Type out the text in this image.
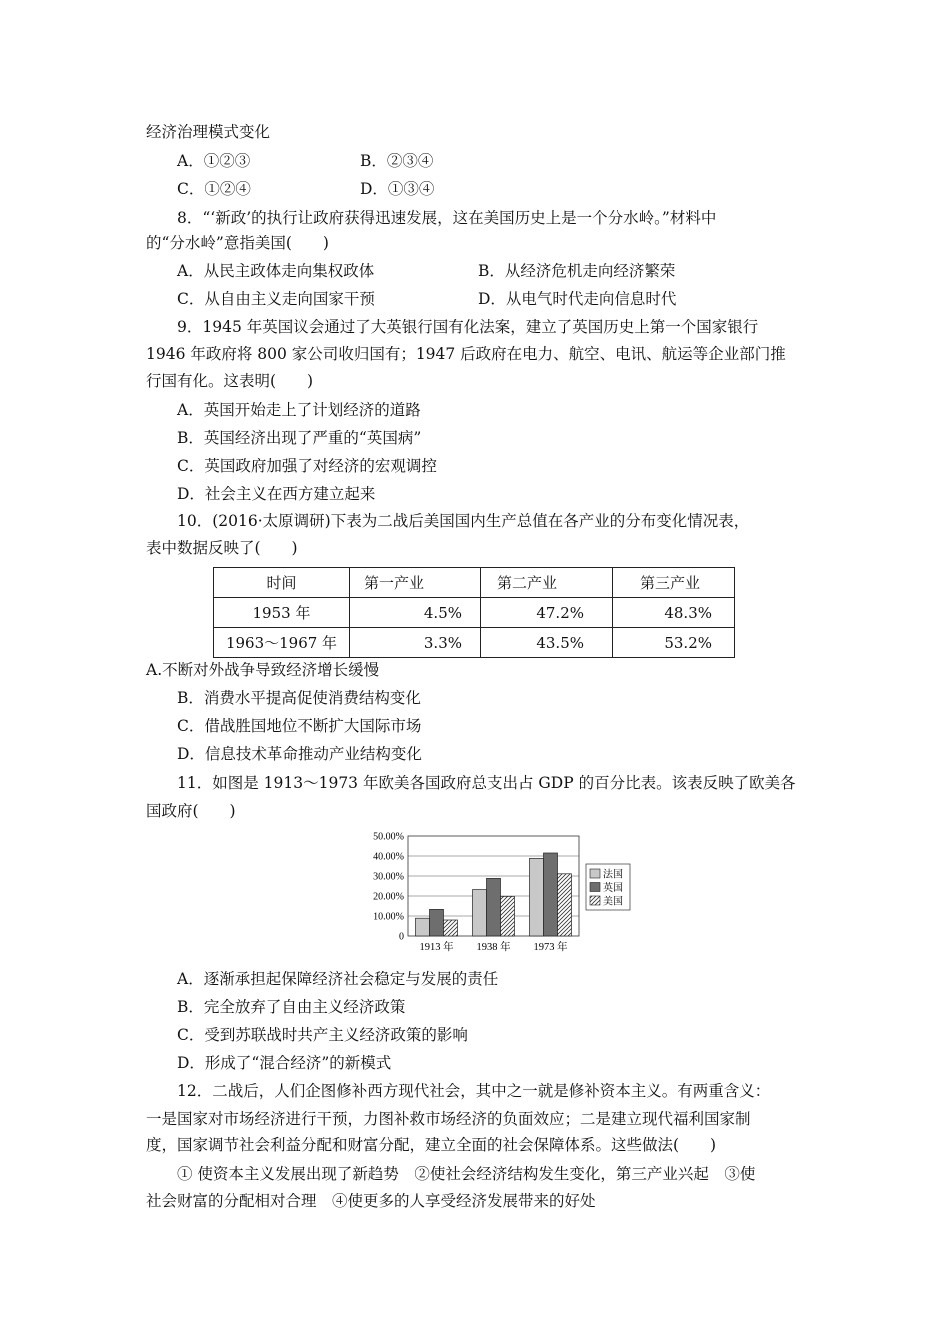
经济治理模式变化
A．①②③	B．②③④
C．①②④	D．①③④
8．“‘新政’的执行让政府获得迅速发展，这在美国历史上是一个分水岭。”材料中
的“分水岭”意指美国(　　)
A．从民主政体走向集权政体	B．从经济危机走向经济繁荣
C．从自由主义走向国家干预	D．从电气时代走向信息时代
9．1945 年英国议会通过了大英银行国有化法案，建立了英国历史上第一个国家银行
1946 年政府将 800 家公司收归国有；1947 后政府在电力、航空、电讯、航运等企业部门推
行国有化。这表明(　　)
A．英国开始走上了计划经济的道路
B．英国经济出现了严重的“英国病”
C．英国政府加强了对经济的宏观调控
D．社会主义在西方建立起来
10．(2016·太原调研)下表为二战后美国国内生产总值在各产业的分布变化情况表，
表中数据反映了(　　)
时间	第一产业	第二产业	第三产业
1953 年	4.5%	47.2%	48.3%
1963～1967 年	3.3%	43.5%	53.2%
A.不断对外战争导致经济增长缓慢
B．消费水平提高促使消费结构变化
C．借战胜国地位不断扩大国际市场
D．信息技术革命推动产业结构变化
11．如图是 1913～1973 年欧美各国政府总支出占 GDP 的百分比表。该表反映了欧美各
国政府(　　)
0
10.00%
20.00%
30.00%
40.00%
50.00%
1913 年 1938 年 1973 年
法国
英国
美国
A．逐渐承担起保障经济社会稳定与发展的责任
B．完全放弃了自由主义经济政策
C．受到苏联战时共产主义经济政策的影响
D．形成了“混合经济”的新模式
12．二战后，人们企图修补西方现代社会，其中之一就是修补资本主义。有两重含义：
一是国家对市场经济进行干预，力图补救市场经济的负面效应；二是建立现代福利国家制
度，国家调节社会利益分配和财富分配，建立全面的社会保障体系。这些做法(　　)
① 使资本主义发展出现了新趋势　②使社会经济结构发生变化，第三产业兴起　③使
社会财富的分配相对合理　④使更多的人享受经济发展带来的好处
